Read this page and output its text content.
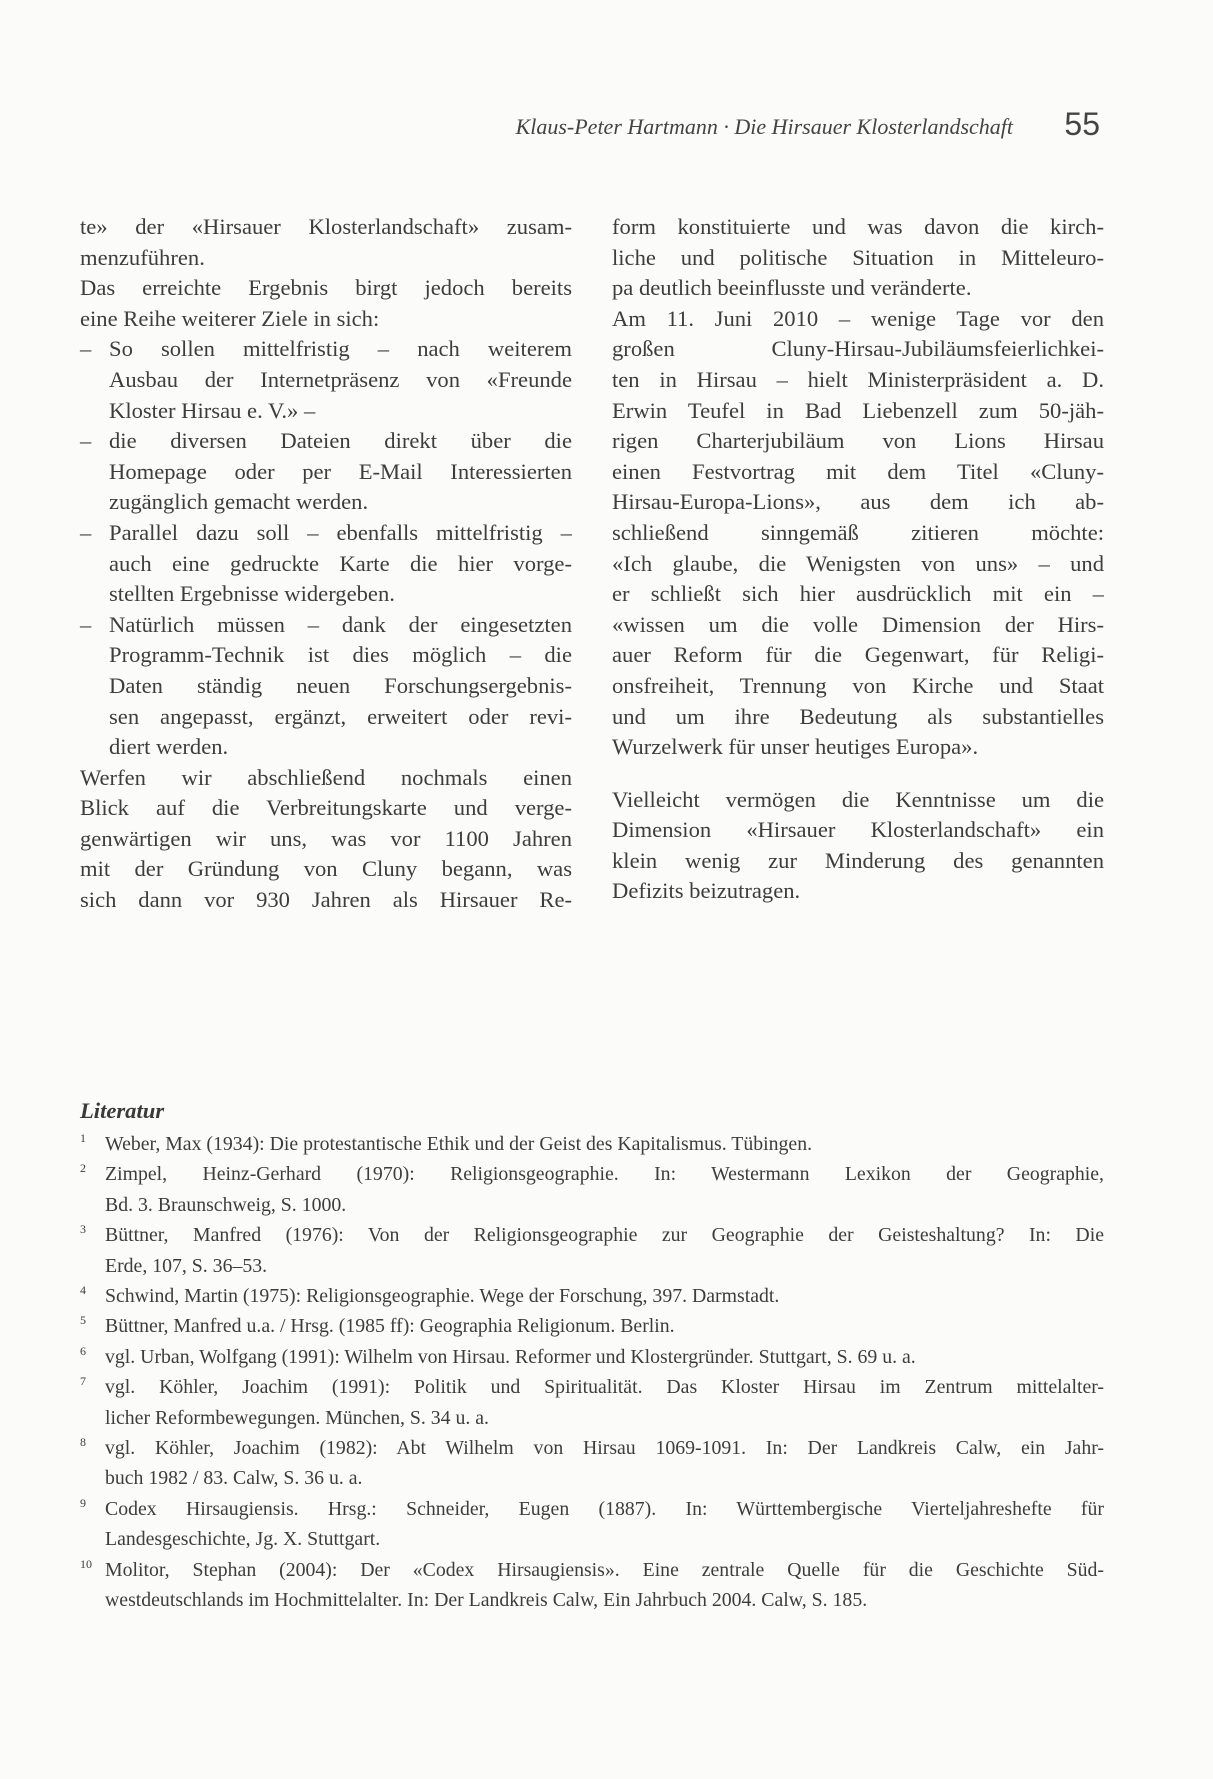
Klaus-Peter Hartmann · Die Hirsauer Klosterlandschaft 55
te» der «Hirsauer Klosterlandschaft» zusam-
menzuführen.
Das erreichte Ergebnis birgt jedoch bereits
eine Reihe weiterer Ziele in sich:
– So sollen mittelfristig – nach weiterem
Ausbau der Internetpräsenz von «Freunde
Kloster Hirsau e. V.» –
– die diversen Dateien direkt über die
Homepage oder per E-Mail Interessierten
zugänglich gemacht werden.
– Parallel dazu soll – ebenfalls mittelfristig –
auch eine gedruckte Karte die hier vorge-
stellten Ergebnisse widergeben.
– Natürlich müssen – dank der eingesetzten
Programm-Technik ist dies möglich – die
Daten ständig neuen Forschungsergebnis-
sen angepasst, ergänzt, erweitert oder revi-
diert werden.
Werfen wir abschließend nochmals einen
Blick auf die Verbreitungskarte und verge-
genwärtigen wir uns, was vor 1100 Jahren
mit der Gründung von Cluny begann, was
sich dann vor 930 Jahren als Hirsauer Re-
form konstituierte und was davon die kirch-
liche und politische Situation in Mitteleuro-
pa deutlich beeinflusste und veränderte.
Am 11. Juni 2010 – wenige Tage vor den
großen Cluny-Hirsau-Jubiläumsfeierlichkei-
ten in Hirsau – hielt Ministerpräsident a. D.
Erwin Teufel in Bad Liebenzell zum 50-jäh-
rigen Charterjubiläum von Lions Hirsau
einen Festvortrag mit dem Titel «Cluny-
Hirsau-Europa-Lions», aus dem ich ab-
schließend sinngemäß zitieren möchte:
«Ich glaube, die Wenigsten von uns» – und
er schließt sich hier ausdrücklich mit ein –
«wissen um die volle Dimension der Hirs-
auer Reform für die Gegenwart, für Religi-
onsfreiheit, Trennung von Kirche und Staat
und um ihre Bedeutung als substantielles
Wurzelwerk für unser heutiges Europa».
Vielleicht vermögen die Kenntnisse um die
Dimension «Hirsauer Klosterlandschaft» ein
klein wenig zur Minderung des genannten
Defizits beizutragen.
Literatur
1 Weber, Max (1934): Die protestantische Ethik und der Geist des Kapitalismus. Tübingen.
2 Zimpel, Heinz-Gerhard (1970): Religionsgeographie. In: Westermann Lexikon der Geographie,
Bd. 3. Braunschweig, S. 1000.
3 Büttner, Manfred (1976): Von der Religionsgeographie zur Geographie der Geisteshaltung? In: Die
Erde, 107, S. 36–53.
4 Schwind, Martin (1975): Religionsgeographie. Wege der Forschung, 397. Darmstadt.
5 Büttner, Manfred u.a. / Hrsg. (1985 ff): Geographia Religionum. Berlin.
6 vgl. Urban, Wolfgang (1991): Wilhelm von Hirsau. Reformer und Klostergründer. Stuttgart, S. 69 u. a.
7 vgl. Köhler, Joachim (1991): Politik und Spiritualität. Das Kloster Hirsau im Zentrum mittelalter-
licher Reformbewegungen. München, S. 34 u. a.
8 vgl. Köhler, Joachim (1982): Abt Wilhelm von Hirsau 1069-1091. In: Der Landkreis Calw, ein Jahr-
buch 1982 / 83. Calw, S. 36 u. a.
9 Codex Hirsaugiensis. Hrsg.: Schneider, Eugen (1887). In: Württembergische Vierteljahreshefte für
Landesgeschichte, Jg. X. Stuttgart.
10 Molitor, Stephan (2004): Der «Codex Hirsaugiensis». Eine zentrale Quelle für die Geschichte Süd-
westdeutschlands im Hochmittelalter. In: Der Landkreis Calw, Ein Jahrbuch 2004. Calw, S. 185.
